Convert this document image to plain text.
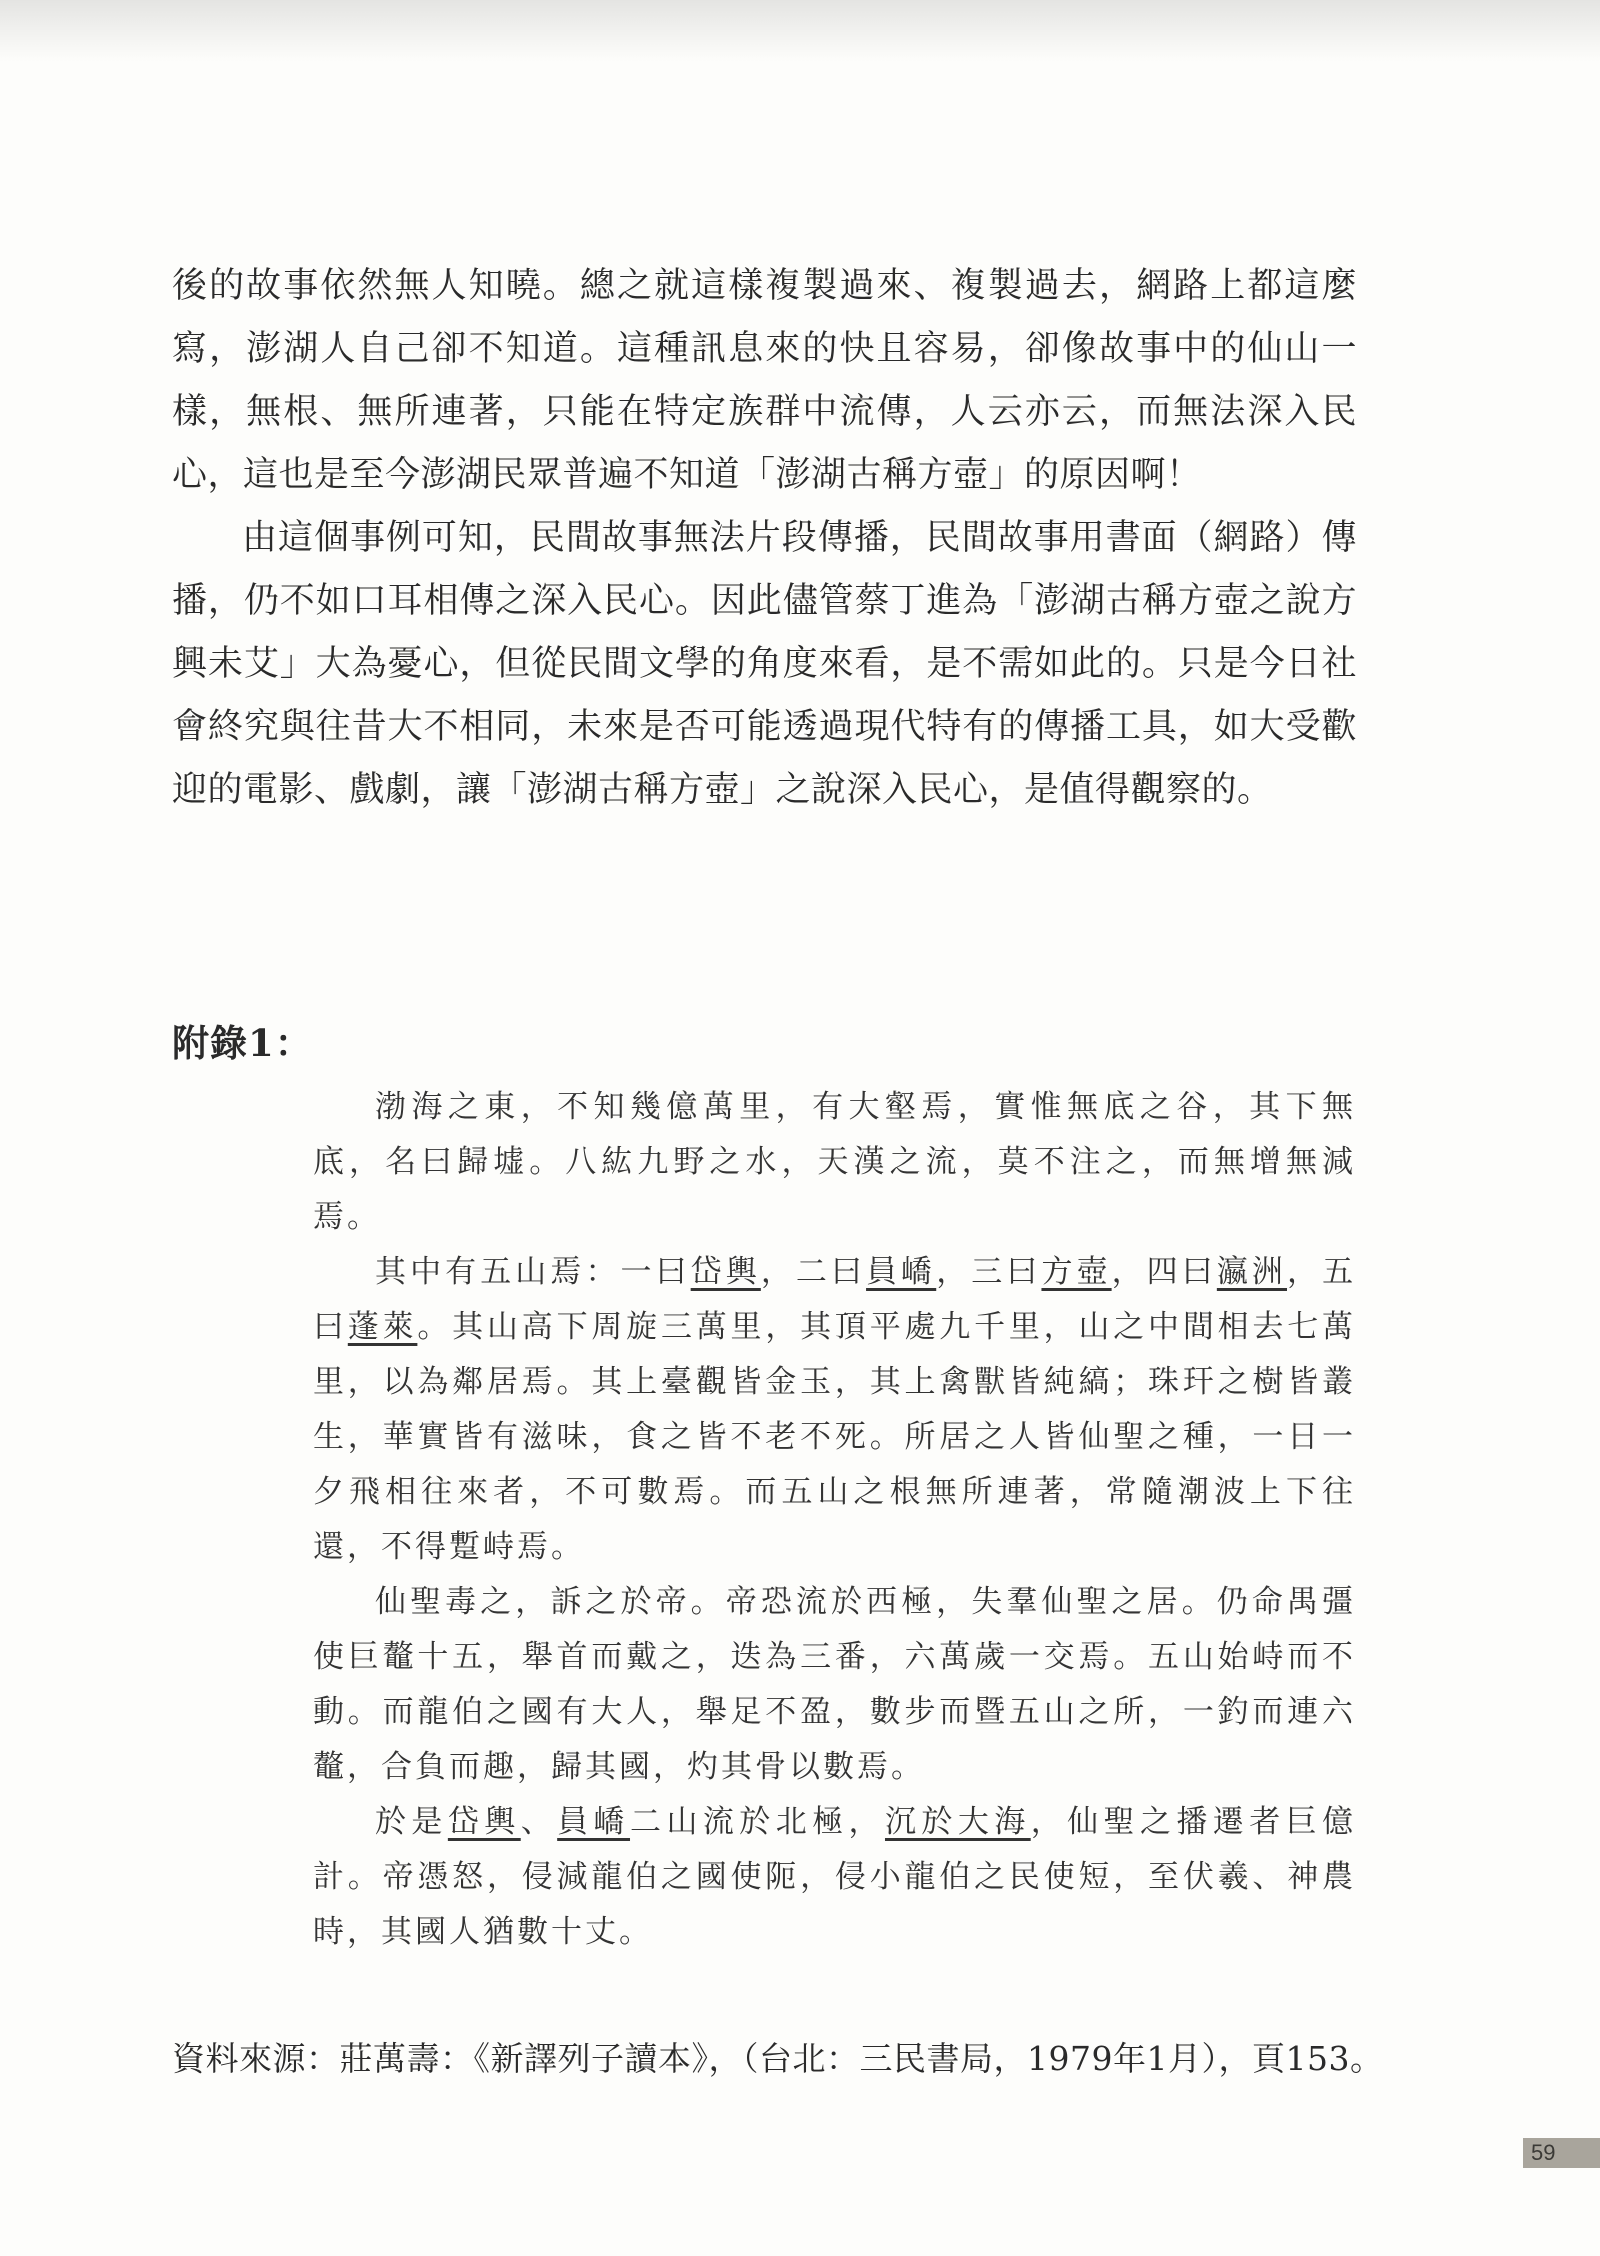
後的故事依然無人知曉。總之就這樣複製過來、複製過去，網路上都這麼寫，澎湖人自己卻不知道。這種訊息來的快且容易，卻像故事中的仙山一樣，無根、無所連著，只能在特定族群中流傳，人云亦云，而無法深入民心，這也是至今澎湖民眾普遍不知道「澎湖古稱方壺」的原因啊！

由這個事例可知，民間故事無法片段傳播，民間故事用書面（網路）傳播，仍不如口耳相傳之深入民心。因此儘管蔡丁進為「澎湖古稱方壺之說方興未艾」大為憂心，但從民間文學的角度來看，是不需如此的。只是今日社會終究與往昔大不相同，未來是否可能透過現代特有的傳播工具，如大受歡迎的電影、戲劇，讓「澎湖古稱方壺」之說深入民心，是值得觀察的。

附錄1：

渤海之東，不知幾億萬里，有大壑焉，實惟無底之谷，其下無底，名曰歸墟。八紘九野之水，天漢之流，莫不注之，而無增無減焉。

其中有五山焉：一曰岱輿，二曰員嶠，三曰方壺，四曰瀛洲，五曰蓬萊。其山高下周旋三萬里，其頂平處九千里，山之中間相去七萬里，以為鄰居焉。其上臺觀皆金玉，其上禽獸皆純縞；珠玕之樹皆叢生，華實皆有滋味，食之皆不老不死。所居之人皆仙聖之種，一日一夕飛相往來者，不可數焉。而五山之根無所連著，常隨潮波上下往還，不得蹔峙焉。

仙聖毒之，訴之於帝。帝恐流於西極，失羣仙聖之居。仍命禺彊使巨鼇十五，舉首而戴之，迭為三番，六萬歲一交焉。五山始峙而不動。而龍伯之國有大人，舉足不盈，數步而暨五山之所，一釣而連六鼇，合負而趣，歸其國，灼其骨以數焉。

於是岱輿、員嶠二山流於北極，沉於大海，仙聖之播遷者巨億計。帝憑怒，侵減龍伯之國使阨，侵小龍伯之民使短，至伏羲、神農時，其國人猶數十丈。

資料來源：莊萬壽：《新譯列子讀本》，（台北：三民書局，1979年1月），頁153。
59
